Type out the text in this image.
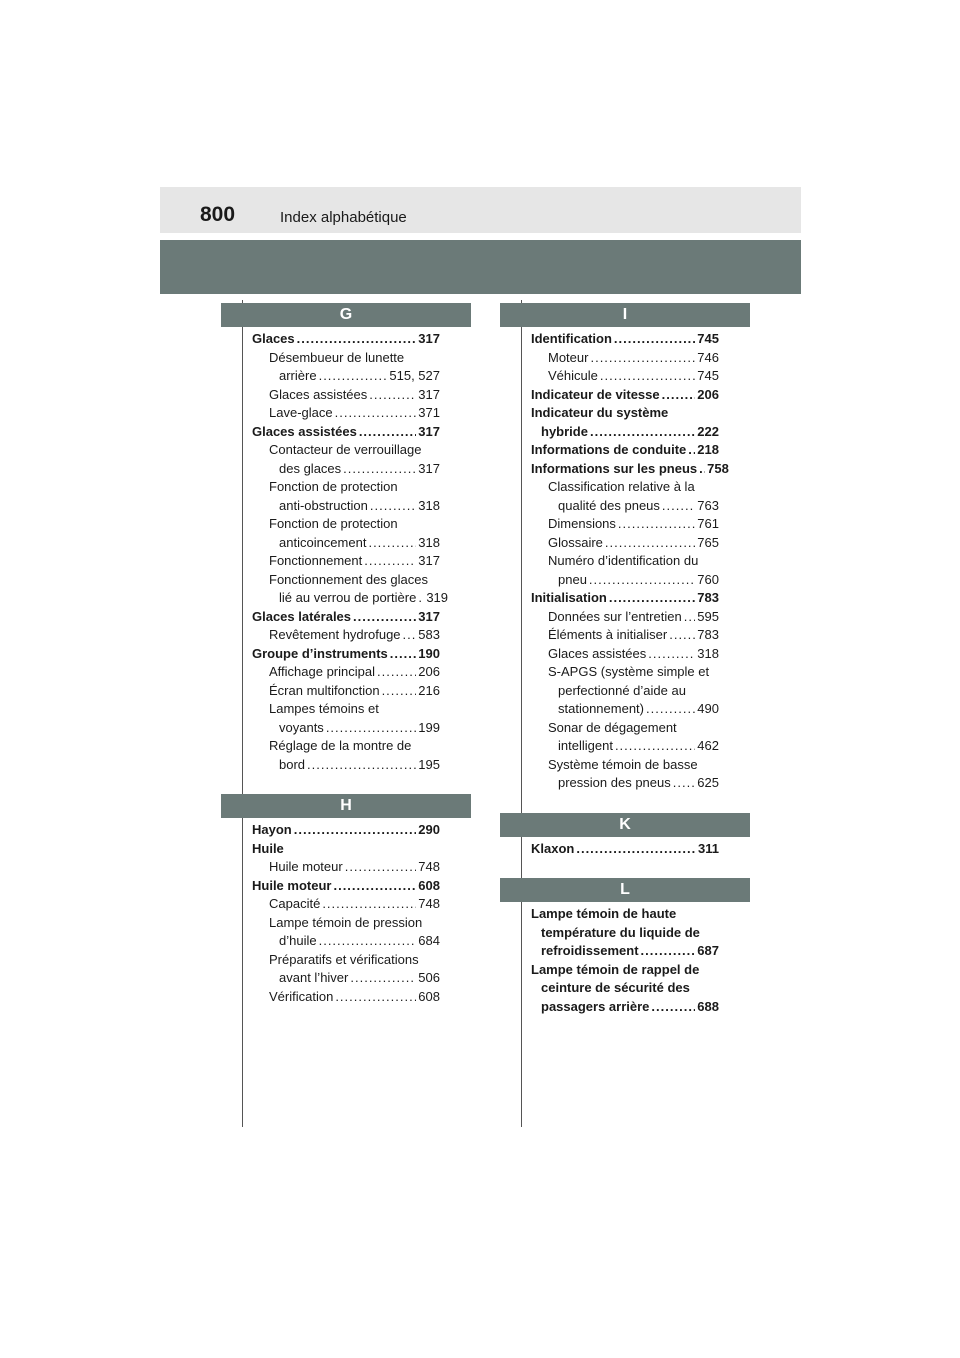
800	Index alphabétique
G
Glaces .....	317
Désembueur de lunette
arrière .....	515, 527
Glaces assistées .....	317
Lave-glace .....	371
Glaces assistées .....	317
Contacteur de verrouillage
des glaces .....	317
Fonction de protection
anti-obstruction .....	318
Fonction de protection
anticoincement .....	318
Fonctionnement .....	317
Fonctionnement des glaces
lié au verrou de portière ..... 319
Glaces latérales .....	317
Revêtement hydrofuge ..... 583
Groupe d’instruments ..... 190
Affichage principal .....	206
Écran multifonction .....	216
Lampes témoins et
voyants .....	199
Réglage de la montre de
bord .....	195
H
Hayon .....	290
Huile
Huile moteur .....	748
Huile moteur .....	608
Capacité .....	748
Lampe témoin de pression
d’huile .....	684
Préparatifs et vérifications
avant l’hiver .....	506
Vérification .....	608
I
Identification .....	745
Moteur .....	746
Véhicule .....	745
Indicateur de vitesse .....	206
Indicateur du système
hybride .....	222
Informations de conduite ..... 218
Informations sur les pneus ..... 758
Classification relative à la
qualité des pneus .....	763
Dimensions .....	761
Glossaire .....	765
Numéro d’identification du
pneu .....	760
Initialisation .....	783
Données sur l’entretien ..... 595
Éléments à initialiser ..... 783
Glaces assistées .....	318
S-APGS (système simple et
perfectionné d’aide au
stationnement) .....	490
Sonar de dégagement
intelligent .....	462
Système témoin de basse
pression des pneus ..... 625
K
Klaxon .....	311
L
Lampe témoin de haute
température du liquide de
refroidissement .....	687
Lampe témoin de rappel de
ceinture de sécurité des
passagers arrière .....	688
